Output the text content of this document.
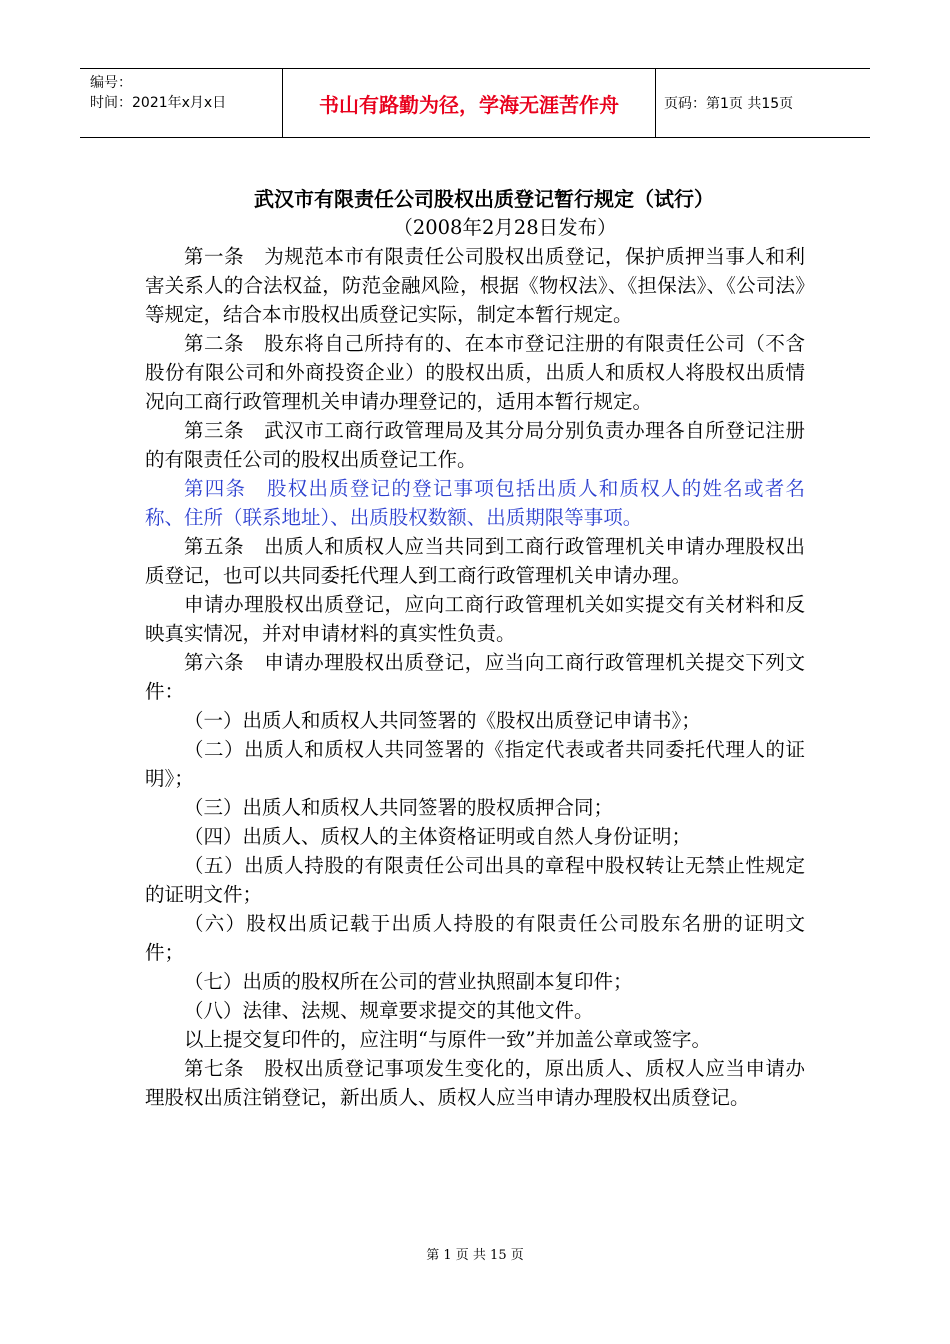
编号：
时间：2021年x月x日	书山有路勤为径，学海无涯苦作舟	页码：第1页 共15页
武汉市有限责任公司股权出质登记暂行规定（试行）
（2008年2月28日发布）

第一条　为规范本市有限责任公司股权出质登记，保护质押当事人和利害关系人的合法权益，防范金融风险，根据《物权法》、《担保法》、《公司法》等规定，结合本市股权出质登记实际，制定本暂行规定。

第二条　股东将自己所持有的、在本市登记注册的有限责任公司（不含股份有限公司和外商投资企业）的股权出质，出质人和质权人将股权出质情况向工商行政管理机关申请办理登记的，适用本暂行规定。

第三条　武汉市工商行政管理局及其分局分别负责办理各自所登记注册的有限责任公司的股权出质登记工作。

第四条　股权出质登记的登记事项包括出质人和质权人的姓名或者名称、住所（联系地址）、出质股权数额、出质期限等事项。

第五条　出质人和质权人应当共同到工商行政管理机关申请办理股权出质登记，也可以共同委托代理人到工商行政管理机关申请办理。

申请办理股权出质登记，应向工商行政管理机关如实提交有关材料和反映真实情况，并对申请材料的真实性负责。

第六条　申请办理股权出质登记，应当向工商行政管理机关提交下列文件：

（一）出质人和质权人共同签署的《股权出质登记申请书》；

（二）出质人和质权人共同签署的《指定代表或者共同委托代理人的证明》；

（三）出质人和质权人共同签署的股权质押合同；

（四）出质人、质权人的主体资格证明或自然人身份证明；

（五）出质人持股的有限责任公司出具的章程中股权转让无禁止性规定的证明文件；

（六）股权出质记载于出质人持股的有限责任公司股东名册的证明文件；

（七）出质的股权所在公司的营业执照副本复印件；

（八）法律、法规、规章要求提交的其他文件。

以上提交复印件的，应注明“与原件一致”并加盖公章或签字。

第七条　股权出质登记事项发生变化的，原出质人、质权人应当申请办理股权出质注销登记，新出质人、质权人应当申请办理股权出质登记。

第 1 页 共 15 页
